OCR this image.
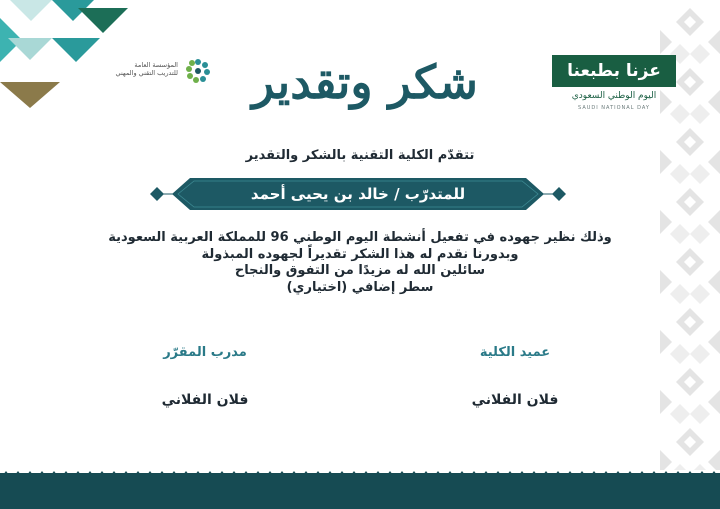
المؤسسة العامة للتدريب التقني والمهني شكر وتقدير	عزنا بطبعنا
اليوم الوطني السعودي
SAUDI NATIONAL DAY
تتقدّم الكلية التقنية بالشكر والتقدير
للمتدرّب / خالد بن يحيى أحمد
وذلك نظير جهوده في تفعيل أنشطة اليوم الوطني 96 للمملكة العربية السعودية
وبدورنا نقدم له هذا الشكر تقديراً لجهوده المبذولة
سائلين الله له مزيدًا من التفوق والنجاح
سطر إضافي (اختياري)
عميد الكلية
فلان الفلاني
مدرب المقرّر
فلان الفلاني
